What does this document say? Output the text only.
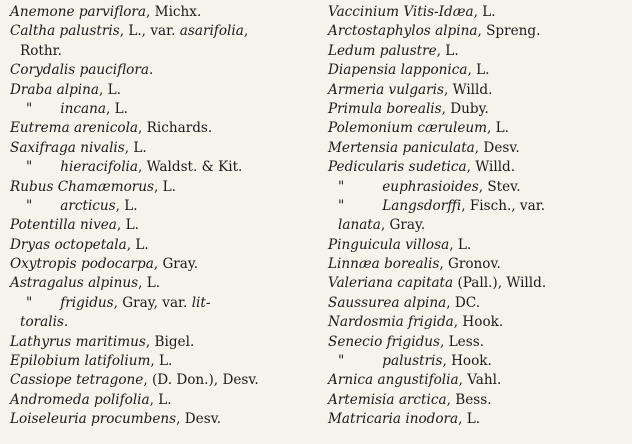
Anemone parviflora, Michx.
Caltha palustris, L., var. asarifolia,
Rothr.
Corydalis pauciflora.
Draba alpina, L.
" incana, L.
Eutrema arenicola, Richards.
Saxifraga nivalis, L.
" hieracifolia, Waldst. & Kit.
Rubus Chamæmorus, L.
" arcticus, L.
Potentilla nivea, L.
Dryas octopetala, L.
Oxytropis podocarpa, Gray.
Astragalus alpinus, L.
" frigidus, Gray, var. lit-
toralis.
Lathyrus maritimus, Bigel.
Epilobium latifolium, L.
Cassiope tetragone, (D. Don.), Desv.
Andromeda polifolia, L.
Loiseleuria procumbens, Desv.
Vaccinium Vitis-Idæa, L.
Arctostaphylos alpina, Spreng.
Ledum palustre, L.
Diapensia lapponica, L.
Armeria vulgaris, Willd.
Primula borealis, Duby.
Polemonium cæruleum, L.
Mertensia paniculata, Desv.
Pedicularis sudetica, Willd.
"	euphrasioides, Stev.
"	Langsdorffi, Fisch., var.
lanata, Gray.
Pinguicula villosa, L.
Linnæa borealis, Gronov.
Valeriana capitata (Pall.), Willd.
Saussurea alpina, DC.
Nardosmia frigida, Hook.
Senecio frigidus, Less.
"	palustris, Hook.
Arnica angustifolia, Vahl.
Artemisia arctica, Bess.
Matricaria inodora, L.
